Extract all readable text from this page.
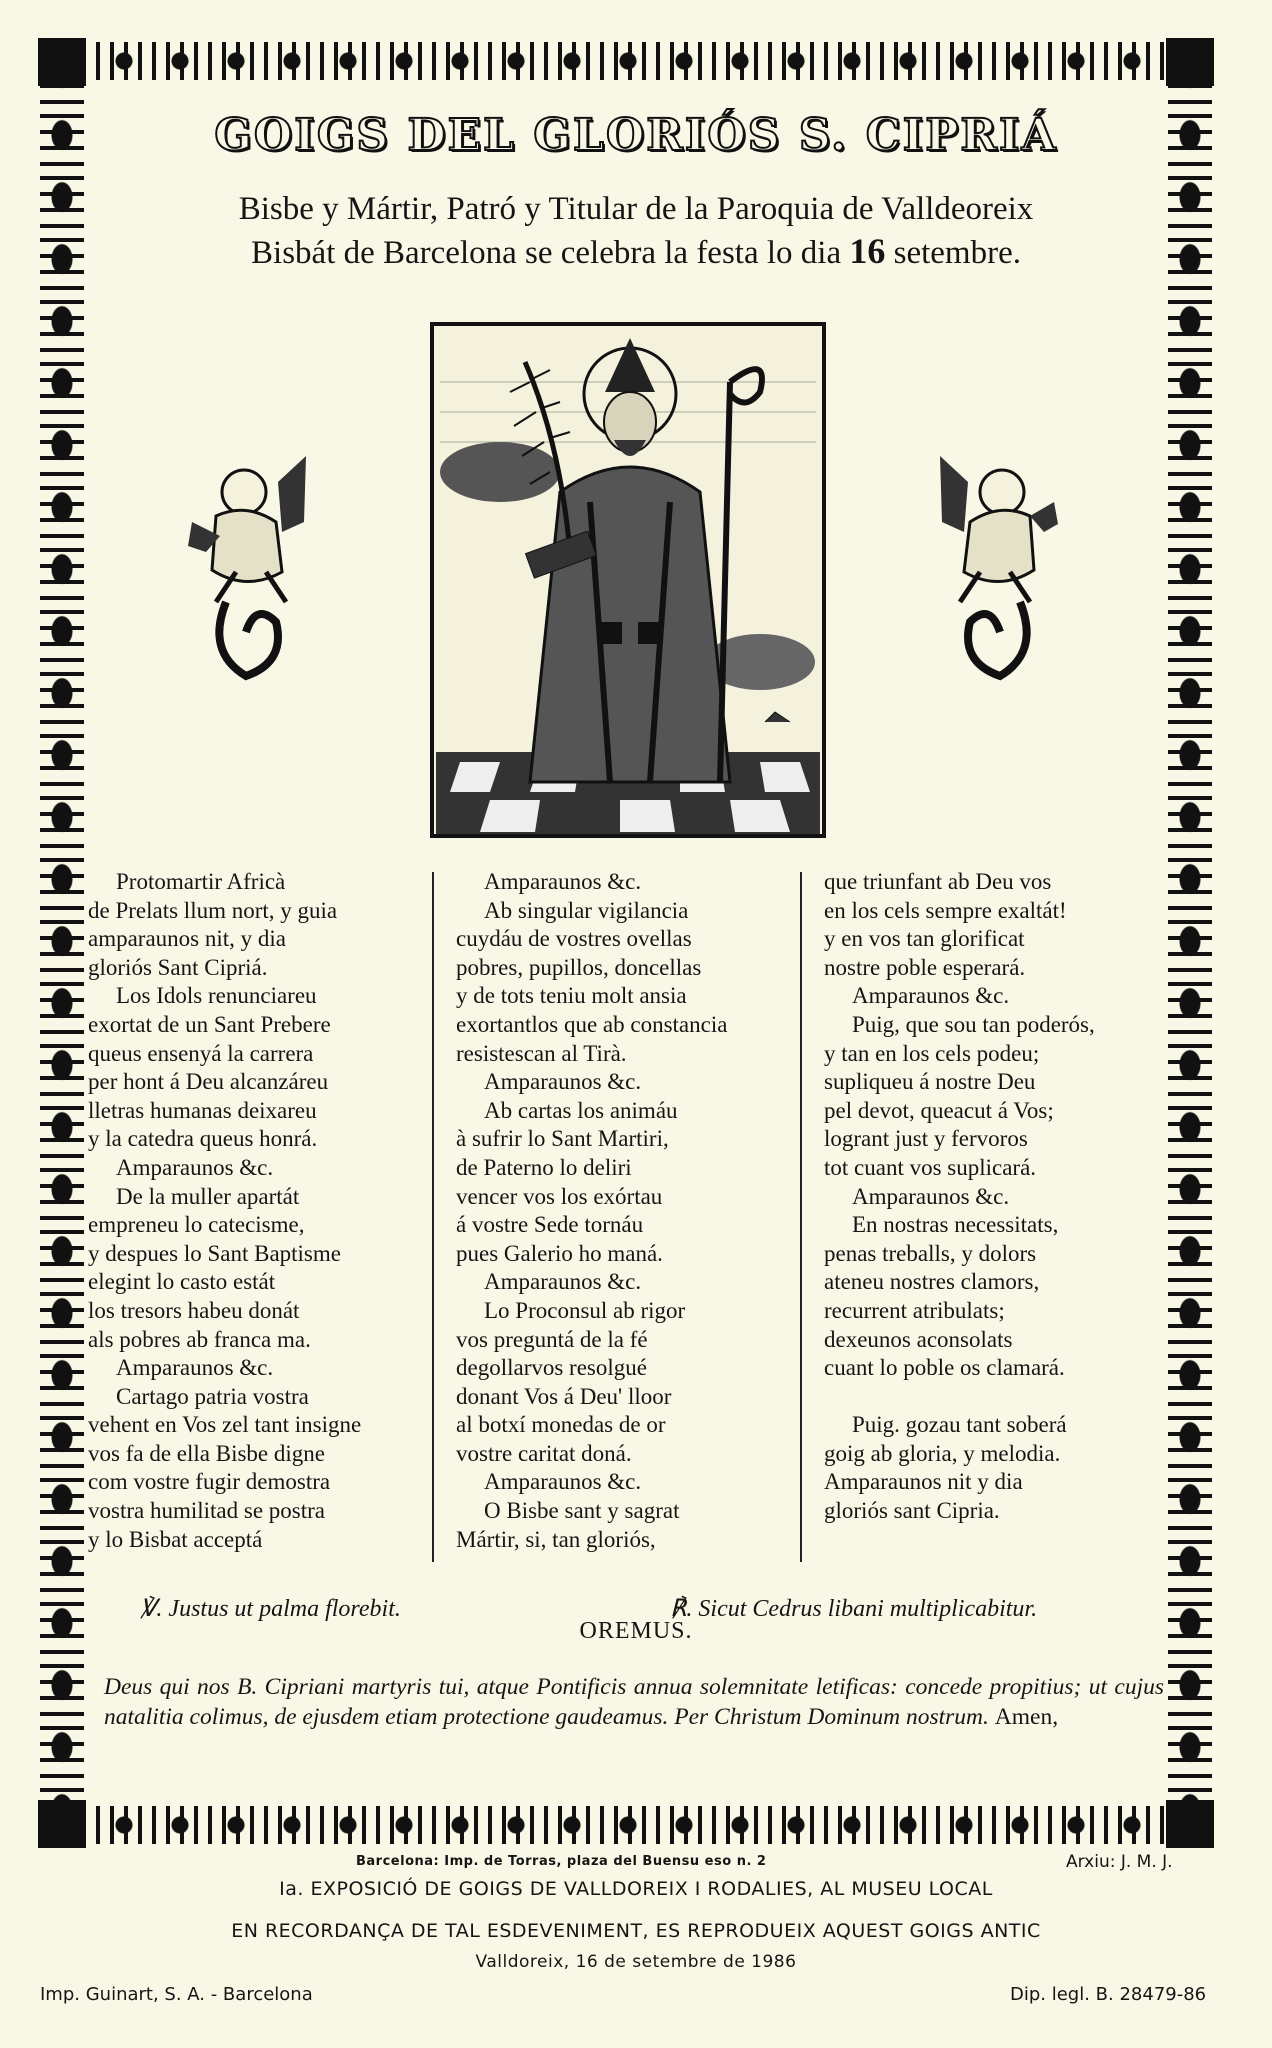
GOIGS DEL GLORIÓS S. CIPRIÁ
Bisbe y Mártir, Patró y Titular de la Paroquia de Valldeoreix
Bisbát de Barcelona se celebra la festa lo dia 16 setembre.
Protomartir Africà
de Prelats llum nort, y guia
amparaunos nit, y dia
gloriós Sant Cipriá.
Los Idols renunciareu
exortat de un Sant Prebere
queus ensenyá la carrera
per hont á Deu alcanzáreu
lletras humanas deixareu
y la catedra queus honrá.
Amparaunos &c.
De la muller apartát
empreneu lo catecisme,
y despues lo Sant Baptisme
elegint lo casto estát
los tresors habeu donát
als pobres ab franca ma.
Amparaunos &c.
Cartago patria vostra
vehent en Vos zel tant insigne
vos fa de ella Bisbe digne
com vostre fugir demostra
vostra humilitad se postra
y lo Bisbat acceptá
Amparaunos &c.
Ab singular vigilancia
cuydáu de vostres ovellas
pobres, pupillos, doncellas
y de tots teniu molt ansia
exortantlos que ab constancia
resistescan al Tirà.
Amparaunos &c.
Ab cartas los animáu
à sufrir lo Sant Martiri,
de Paterno lo deliri
vencer vos los exórtau
á vostre Sede tornáu
pues Galerio ho maná.
Amparaunos &c.
Lo Proconsul ab rigor
vos preguntá de la fé
degollarvos resolgué
donant Vos á Deu' lloor
al botxí monedas de or
vostre caritat doná.
Amparaunos &c.
O Bisbe sant y sagrat
Mártir, si, tan gloriós,
que triunfant ab Deu vos
en los cels sempre exaltát!
y en vos tan glorificat
nostre poble esperará.
Amparaunos &c.
Puig, que sou tan poderós,
y tan en los cels podeu;
supliqueu á nostre Deu
pel devot, queacut á Vos;
logrant just y fervoros
tot cuant vos suplicará.
Amparaunos &c.
En nostras necessitats,
penas treballs, y dolors
ateneu nostres clamors,
recurrent atribulats;
dexeunos aconsolats
cuant lo poble os clamará.
Puig. gozau tant soberá
goig ab gloria, y melodia.
Amparaunos nit y dia
gloriós sant Cipria.
℣. Justus ut palma florebit.	℟. Sicut Cedrus libani multiplicabitur.
OREMUS.
Deus qui nos B. Cipriani martyris tui, atque Pontificis annua solemnitate letificas: concede propitius; ut cujus natalitia colimus, de ejusdem etiam protectione gaudeamus. Per Christum Dominum nostrum. Amen,
Barcelona: Imp. de Torras, plaza del Buensu eso n. 2	Arxiu: J. M. J.
Ia. EXPOSICIÓ DE GOIGS DE VALLDOREIX I RODALIES, AL MUSEU LOCAL
EN RECORDANÇA DE TAL ESDEVENIMENT, ES REPRODUEIX AQUEST GOIGS ANTIC
Valldoreix, 16 de setembre de 1986
Imp. Guinart, S. A. - Barcelona	Dip. legl. B. 28479-86
